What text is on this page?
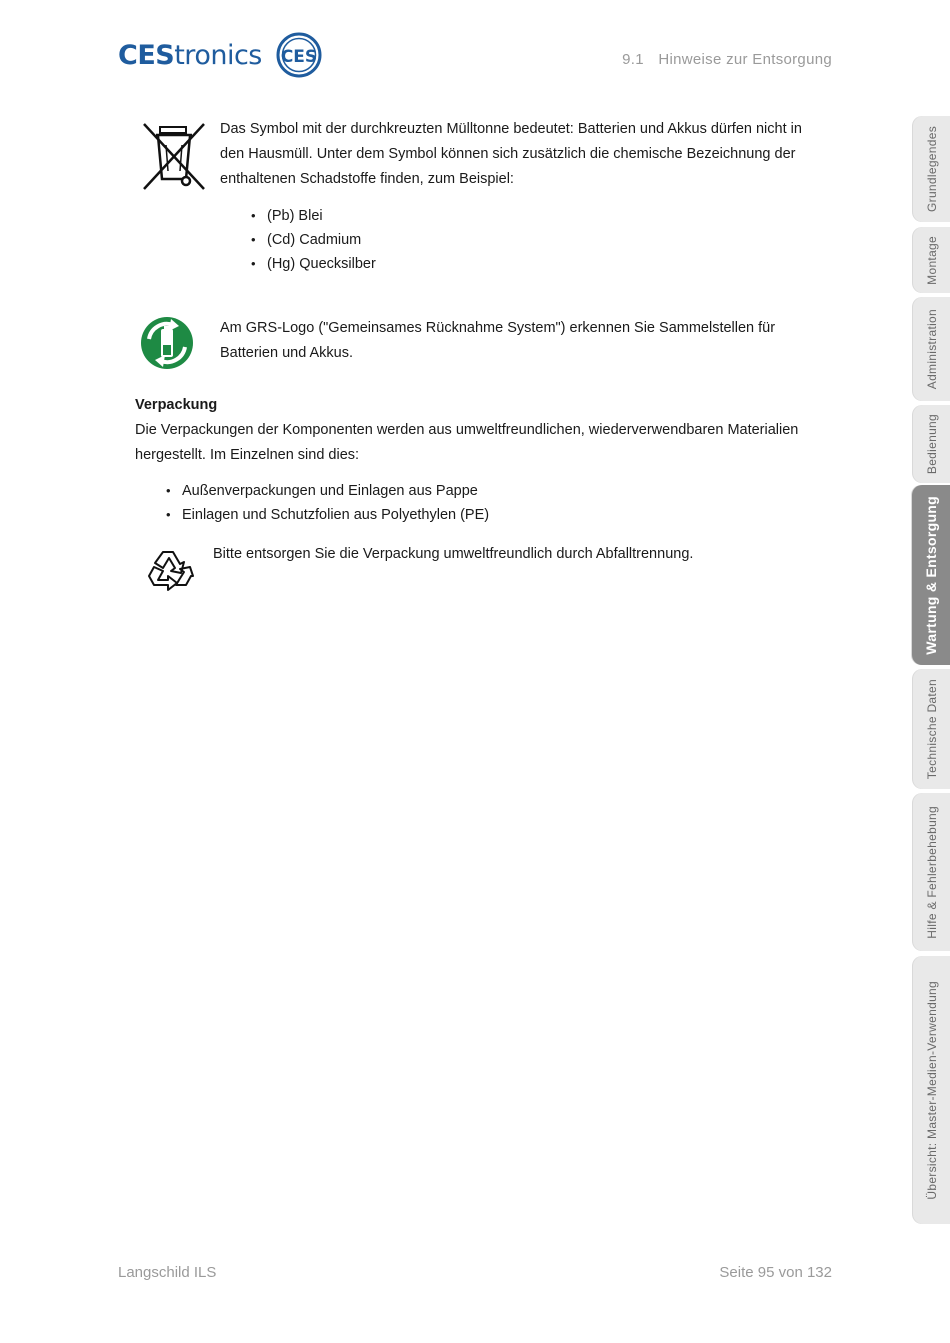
CEStronics CES	9.1 Hinweise zur Entsorgung
Das Symbol mit der durchkreuzten Mülltonne bedeutet: Batterien und Akkus dürfen nicht in den Hausmüll. Unter dem Symbol können sich zusätzlich die chemische Bezeichnung der enthaltenen Schadstoffe finden, zum Beispiel:
• (Pb) Blei
• (Cd) Cadmium
• (Hg) Quecksilber
Am GRS-Logo ("Gemeinsames Rücknahme System") erkennen Sie Sammelstellen für Batterien und Akkus.
Verpackung
Die Verpackungen der Komponenten werden aus umweltfreundlichen, wiederverwendbaren Materialien hergestellt. Im Einzelnen sind dies:
• Außenverpackungen und Einlagen aus Pappe
• Einlagen und Schutzfolien aus Polyethylen (PE)
Bitte entsorgen Sie die Verpackung umweltfreundlich durch Abfalltrennung.
Grundlegendes
Montage
Administration
Bedienung
Wartung & Entsorgung
Technische Daten
Hilfe & Fehlerbehebung
Übersicht: Master-Medien-Verwendung
Langschild ILS	Seite 95 von 132
